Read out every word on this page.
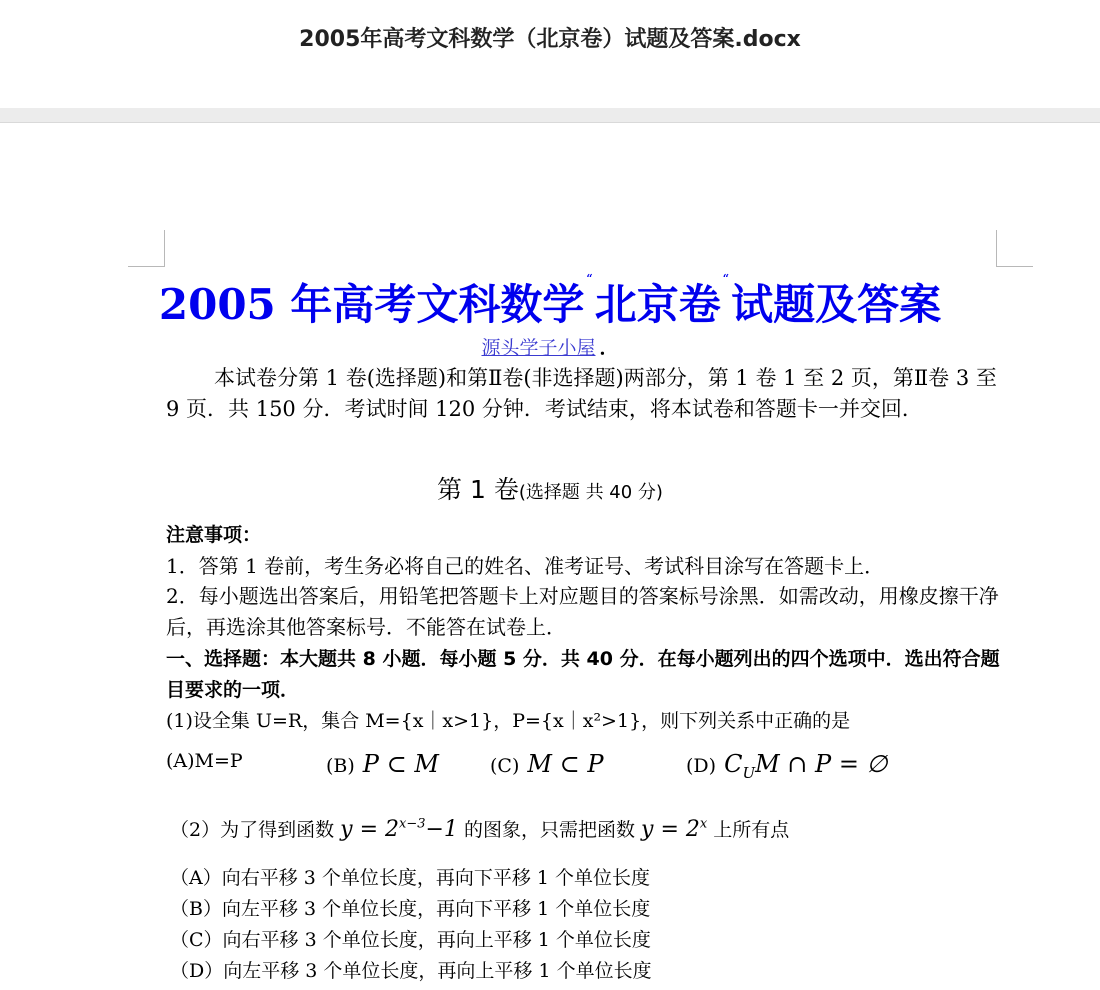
2005年高考文科数学（北京卷）试题及答案.docx
2005 年高考文科数学“北京卷“试题及答案
源头学子小屋 ．
本试卷分第 1 卷(选择题)和第Ⅱ卷(非选择题)两部分，第 1 卷 1 至 2 页，第Ⅱ卷 3 至 9 页．共 150 分．考试时间 120 分钟．考试结束，将本试卷和答题卡一并交回．
第 1 卷(选择题 共 40 分)
注意事项：
1．答第 1 卷前，考生务必将自己的姓名、准考证号、考试科目涂写在答题卡上．
2．每小题选出答案后，用铅笔把答题卡上对应题目的答案标号涂黑．如需改动，用橡皮擦干净后，再选涂其他答案标号．不能答在试卷上．
一、选择题：本大题共 8 小题．每小题 5 分．共 40 分．在每小题列出的四个选项中．选出符合题目要求的一项．
(1)设全集 U=R，集合 M={x｜x>1}，P={x｜x²>1}，则下列关系中正确的是
(A)M=P	(B) P ⊂ M	(C) M ⊂ P	(D) $C_UM$ ∩ P = ∅
（2）为了得到函数 $y = 2^{x-3}-1$ 的图象，只需把函数 $y = 2^x$ 上所有点
（A）向右平移 3 个单位长度，再向下平移 1 个单位长度
（B）向左平移 3 个单位长度，再向下平移 1 个单位长度
（C）向右平移 3 个单位长度，再向上平移 1 个单位长度
（D）向左平移 3 个单位长度，再向上平移 1 个单位长度
